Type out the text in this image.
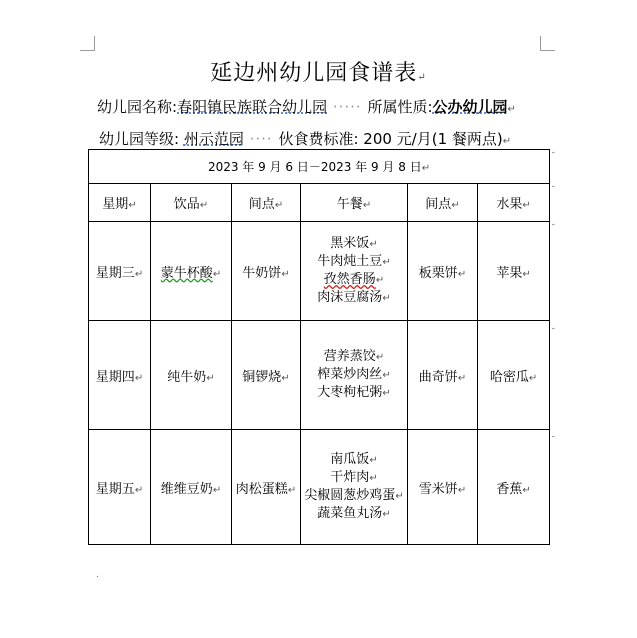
延边州幼儿园食谱表↵
幼儿园名称:春阳镇民族联合幼儿园 ····· 所属性质:公办幼儿园↵
幼儿园等级: 州示范园 ···· 伙食费标准: 200 元/月(1 餐两点)↵
2023 年 9 月 6 日－2023 年 9 月 8 日↵					
星期↵	饮品↵	间点↵	午餐↵	间点↵	水果↵
星期三↵	蒙牛杯酸↵	牛奶饼↵	黑米饭↵
牛肉炖土豆↵
孜然香肠↵
肉沫豆腐汤↵	板栗饼↵	苹果↵
星期四↵	纯牛奶↵	铜锣烧↵	营养蒸饺↵
榨菜炒肉丝↵
大枣枸杞粥↵	曲奇饼↵	哈密瓜↵
星期五↵	维维豆奶↵	肉松蛋糕↵	南瓜饭↵
干炸肉↵
尖椒圆葱炒鸡蛋↵
蔬菜鱼丸汤↵	雪米饼↵	香蕉↵
˘
˘
˘
˘
˘
.
